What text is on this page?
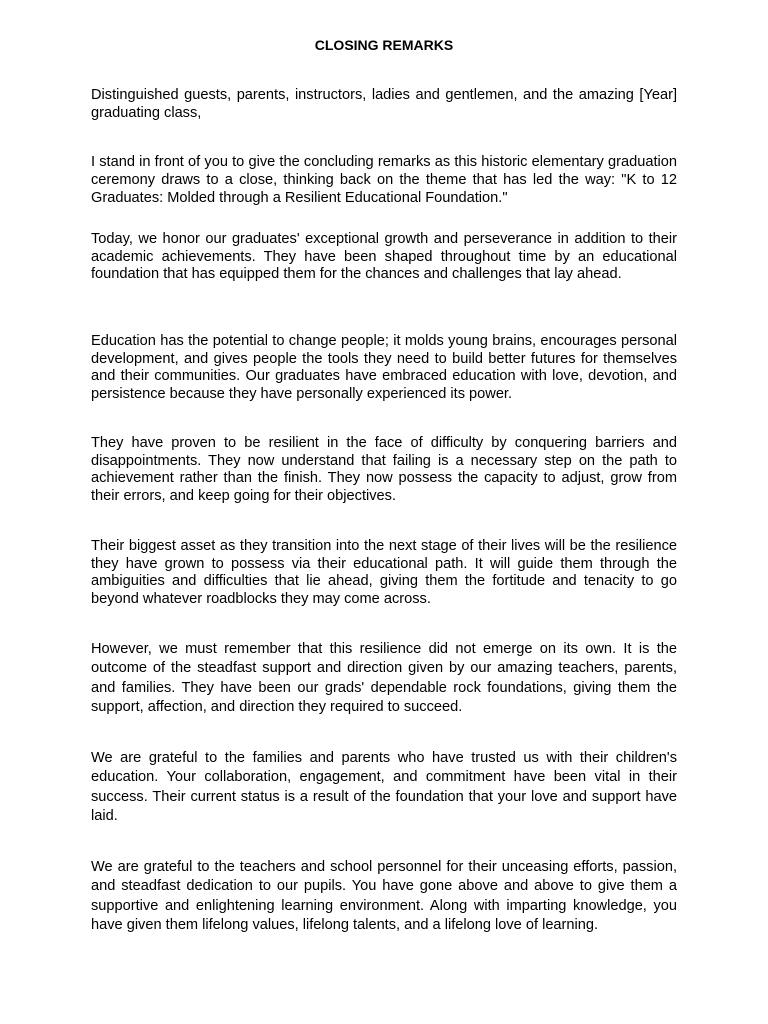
CLOSING REMARKS

Distinguished guests, parents, instructors, ladies and gentlemen, and the amazing [Year] graduating class,

I stand in front of you to give the concluding remarks as this historic elementary graduation ceremony draws to a close, thinking back on the theme that has led the way: "K to 12 Graduates: Molded through a Resilient Educational Foundation."

Today, we honor our graduates' exceptional growth and perseverance in addition to their academic achievements. They have been shaped throughout time by an educational foundation that has equipped them for the chances and challenges that lay ahead.

Education has the potential to change people; it molds young brains, encourages personal development, and gives people the tools they need to build better futures for themselves and their communities. Our graduates have embraced education with love, devotion, and persistence because they have personally experienced its power.

They have proven to be resilient in the face of difficulty by conquering barriers and disappointments. They now understand that failing is a necessary step on the path to achievement rather than the finish. They now possess the capacity to adjust, grow from their errors, and keep going for their objectives.

Their biggest asset as they transition into the next stage of their lives will be the resilience they have grown to possess via their educational path. It will guide them through the ambiguities and difficulties that lie ahead, giving them the fortitude and tenacity to go beyond whatever roadblocks they may come across.

However, we must remember that this resilience did not emerge on its own. It is the outcome of the steadfast support and direction given by our amazing teachers, parents, and families. They have been our grads' dependable rock foundations, giving them the support, affection, and direction they required to succeed.

We are grateful to the families and parents who have trusted us with their children's education. Your collaboration, engagement, and commitment have been vital in their success. Their current status is a result of the foundation that your love and support have laid.

We are grateful to the teachers and school personnel for their unceasing efforts, passion, and steadfast dedication to our pupils. You have gone above and above to give them a supportive and enlightening learning environment. Along with imparting knowledge, you have given them lifelong values, lifelong talents, and a lifelong love of learning.
